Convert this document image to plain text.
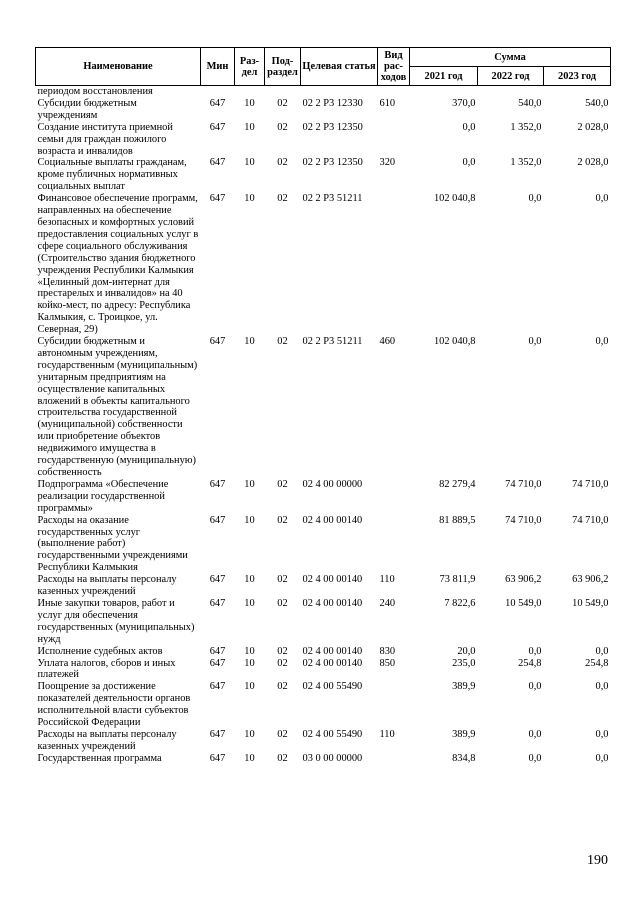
Наименование	Мин	Раз-дел	Под-раздел	Целевая статья	Вид рас-ходов	Сумма		
						2021 год	2022 год	2023 год
периодом восстановления								
Субсидии бюджетным учреждениям	647	10	02	02 2 P3 12330	610	370,0	540,0	540,0
Создание института приемной семьи для граждан пожилого возраста и инвалидов	647	10	02	02 2 P3 12350		0,0	1 352,0	2 028,0
Социальные выплаты гражданам, кроме публичных нормативных социальных выплат	647	10	02	02 2 P3 12350	320	0,0	1 352,0	2 028,0
Финансовое обеспечение программ, направленных на обеспечение безопасных и комфортных условий предоставления социальных услуг в сфере социального обслуживания (Строительство здания бюджетного учреждения Республики Калмыкия «Целинный дом-интернат для престарелых и инвалидов» на 40 койко-мест, по адресу: Республика Калмыкия, с. Троицкое, ул. Северная, 29)	647	10	02	02 2 P3 51211		102 040,8	0,0	0,0
Субсидии бюджетным и автономным учреждениям, государственным (муниципальным) унитарным предприятиям на осуществление капитальных вложений в объекты капитального строительства государственной (муниципальной) собственности или приобретение объектов недвижимого имущества в государственную (муниципальную) собственность	647	10	02	02 2 P3 51211	460	102 040,8	0,0	0,0
Подпрограмма «Обеспечение реализации государственной программы»	647	10	02	02 4 00 00000		82 279,4	74 710,0	74 710,0
Расходы на оказание государственных услуг (выполнение работ) государственными учреждениями Республики Калмыкия	647	10	02	02 4 00 00140		81 889,5	74 710,0	74 710,0
Расходы на выплаты персоналу казенных учреждений	647	10	02	02 4 00 00140	110	73 811,9	63 906,2	63 906,2
Иные закупки товаров, работ и услуг для обеспечения государственных (муниципальных) нужд	647	10	02	02 4 00 00140	240	7 822,6	10 549,0	10 549,0
Исполнение судебных актов	647	10	02	02 4 00 00140	830	20,0	0,0	0,0
Уплата налогов, сборов и иных платежей	647	10	02	02 4 00 00140	850	235,0	254,8	254,8
Поощрение за достижение показателей деятельности органов исполнительной власти субъектов Российской Федерации	647	10	02	02 4 00 55490		389,9	0,0	0,0
Расходы на выплаты персоналу казенных учреждений	647	10	02	02 4 00 55490	110	389,9	0,0	0,0
Государственная программа	647	10	02	03 0 00 00000		834,8	0,0	0,0
190
